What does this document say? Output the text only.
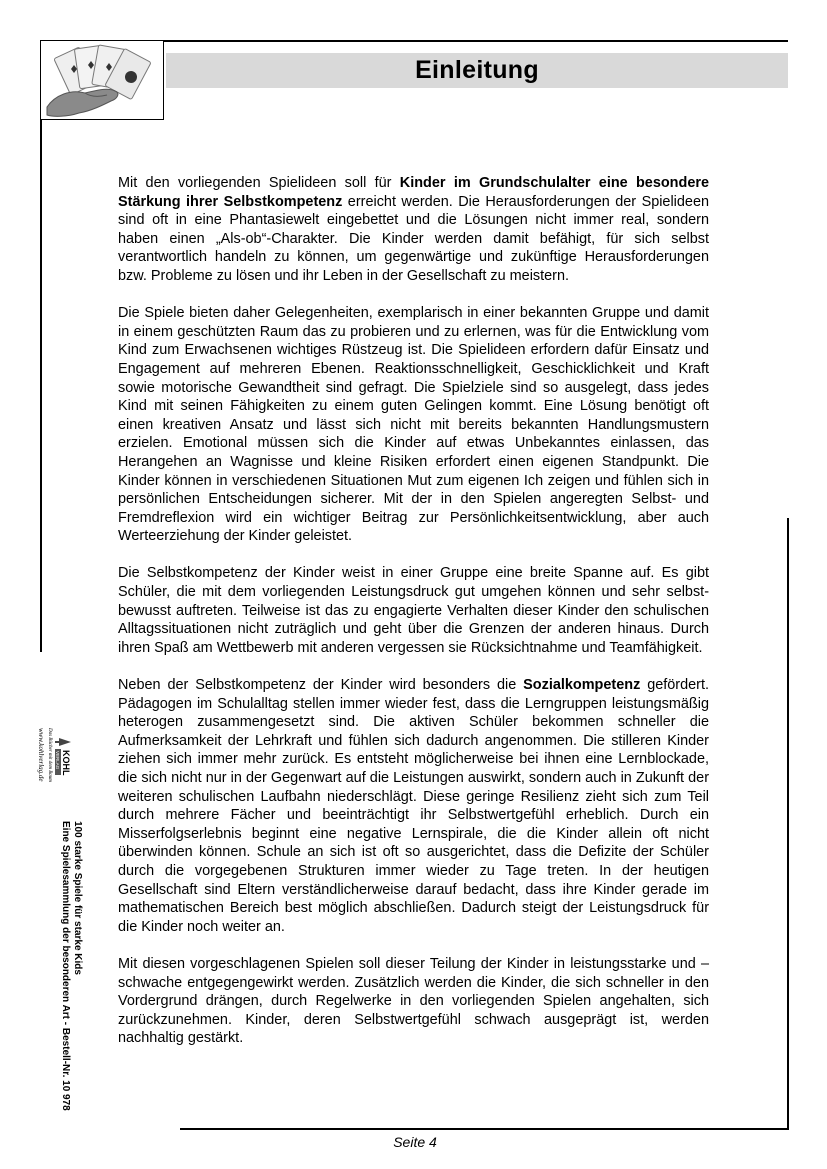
Einleitung

Mit den vorliegenden Spielideen soll für Kinder im Grundschulalter eine besondere Stärkung ihrer Selbstkompetenz erreicht werden. Die Herausforderungen der Spielideen sind oft in eine Phantasiewelt eingebettet und die Lösungen nicht immer real, sondern haben einen „Als-ob“-Charakter. Die Kinder werden damit befähigt, für sich selbst verantwortlich handeln zu können, um gegenwärtige und zukünftige Herausforderungen bzw. Probleme zu lösen und ihr Leben in der Gesellschaft zu meistern.

Die Spiele bieten daher Gelegenheiten, exemplarisch in einer bekannten Gruppe und damit in einem geschützten Raum das zu probieren und zu erlernen, was für die Entwicklung vom Kind zum Erwachsenen wichtiges Rüstzeug ist. Die Spielideen erfordern dafür Einsatz und Engagement auf mehreren Ebenen. Reaktionsschnelligkeit, Geschicklichkeit und Kraft sowie motorische Gewandtheit sind gefragt. Die Spielziele sind so ausgelegt, dass jedes Kind mit seinen Fähigkeiten zu einem guten Gelingen kommt. Eine Lösung benötigt oft einen kreativen Ansatz und lässt sich nicht mit bereits bekannten Handlungsmustern erzielen. Emotional müssen sich die Kinder auf etwas Unbekanntes einlassen, das Herangehen an Wagnisse und kleine Risiken erfordert einen eigenen Standpunkt. Die Kinder können in verschiedenen Situationen Mut zum eigenen Ich zeigen und fühlen sich in persönlichen Entscheidungen sicherer. Mit der in den Spielen angeregten Selbst- und Fremdreflexion wird ein wichtiger Beitrag zur Persönlichkeitsentwicklung, aber auch Werteerziehung der Kinder geleistet.

Die Selbstkompetenz der Kinder weist in einer Gruppe eine breite Spanne auf. Es gibt Schüler, die mit dem vorliegenden Leistungsdruck gut umgehen können und sehr selbstbewusst auftreten. Teilweise ist das zu engagierte Verhalten dieser Kinder den schulischen Alltagssituationen nicht zuträglich und geht über die Grenzen der anderen hinaus. Durch ihren Spaß am Wettbewerb mit anderen vergessen sie Rücksichtnahme und Teamfähigkeit.

Neben der Selbstkompetenz der Kinder wird besonders die Sozialkompetenz gefördert. Pädagogen im Schulalltag stellen immer wieder fest, dass die Lerngruppen leistungsmäßig heterogen zusammengesetzt sind. Die aktiven Schüler bekommen schneller die Aufmerksamkeit der Lehrkraft und fühlen sich dadurch angenommen. Die stilleren Kinder ziehen sich immer mehr zurück. Es entsteht möglicherweise bei ihnen eine Lernblockade, die sich nicht nur in der Gegenwart auf die Leistungen auswirkt, sondern auch in Zukunft der weiteren schulischen Laufbahn niederschlägt. Diese geringe Resilienz zieht sich zum Teil durch mehrere Fächer und beeinträchtigt ihr Selbstwertgefühl erheblich. Durch ein Misserfolgserlebnis beginnt eine negative Lernspirale, die die Kinder allein oft nicht überwinden können. Schule an sich ist oft so ausgerichtet, dass die Defizite der Schüler durch die vorgegebenen Strukturen immer wieder zu Tage treten. In der heutigen Gesellschaft sind Eltern verständlicherweise darauf bedacht, dass ihre Kinder gerade im mathematischen Bereich best möglich abschließen. Dadurch steigt der Leistungsdruck für die Kinder noch weiter an.

Mit diesen vorgeschlagenen Spielen soll dieser Teilung der Kinder in leistungsstarke und –schwache entgegengewirkt werden. Zusätzlich werden die Kinder, die sich schneller in den Vordergrund drängen, durch Regelwerke in den vorliegenden Spielen angehalten, sich zurückzunehmen. Kinder, deren Selbstwertgefühl schwach ausgeprägt ist, werden nachhaltig gestärkt.

KOHL
VERLAG
Das Bücher mit dem Baum
www.kohlverlag.de
100 starke Spiele für starke Kids
Eine Spielesammlung der besonderen Art - Bestell-Nr. 10 978
Seite 4
